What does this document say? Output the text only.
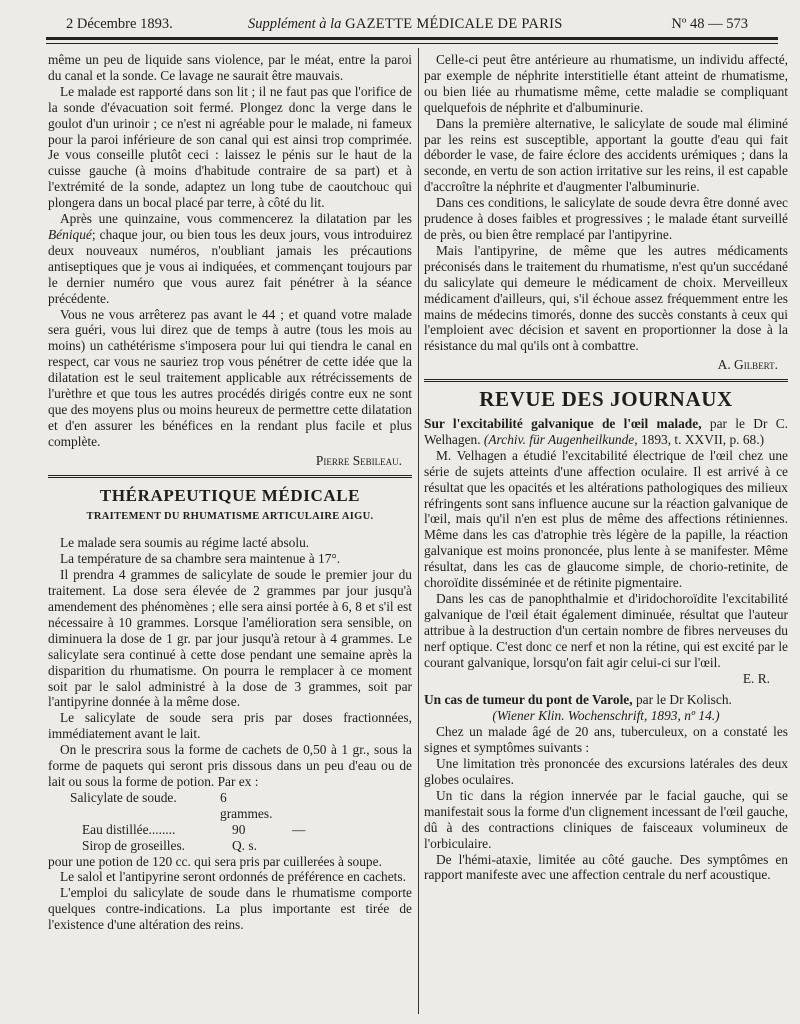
2 Décembre 1893.	Supplément à la GAZETTE MÉDICALE DE PARIS	Nº 48 — 573

même un peu de liquide sans violence, par le méat, entre la paroi du canal et la sonde. Ce lavage ne saurait être mauvais.

Le malade est rapporté dans son lit ; il ne faut pas que l'orifice de la sonde d'évacuation soit fermé. Plongez donc la verge dans le goulot d'un urinoir ; ce n'est ni agréable pour le malade, ni fameux pour la paroi inférieure de son canal qui est ainsi trop comprimée. Je vous conseille plutôt ceci : laissez le pénis sur le haut de la cuisse gauche (à moins d'habitude contraire de sa part) et à l'extrémité de la sonde, adaptez un long tube de caoutchouc qui plongera dans un bocal placé par terre, à côté du lit.

Après une quinzaine, vous commencerez la dilatation par les Béniqué; chaque jour, ou bien tous les deux jours, vous introduirez deux nouveaux numéros, n'oubliant jamais les précautions antiseptiques que je vous ai indiquées, et commençant toujours par le dernier numéro que vous aurez fait pénétrer à la séance précédente.

Vous ne vous arrêterez pas avant le 44 ; et quand votre malade sera guéri, vous lui direz que de temps à autre (tous les mois au moins) un cathétérisme s'imposera pour lui qui tiendra le canal en respect, car vous ne sauriez trop vous pénétrer de cette idée que la dilatation est le seul traitement applicable aux rétrécissements de l'urèthre et que tous les autres procédés dirigés contre eux ne sont que des moyens plus ou moins heureux de permettre cette dilatation et d'en assurer les bénéfices en la rendant plus facile et plus complète.

Pierre Sebileau.
THÉRAPEUTIQUE MÉDICALE
TRAITEMENT DU RHUMATISME ARTICULAIRE AIGU.

Le malade sera soumis au régime lacté absolu.

La température de sa chambre sera maintenue à 17°.

Il prendra 4 grammes de salicylate de soude le premier jour du traitement. La dose sera élevée de 2 grammes par jour jusqu'à amendement des phénomènes ; elle sera ainsi portée à 6, 8 et s'il est nécessaire à 10 grammes. Lorsque l'amélioration sera sensible, on diminuera la dose de 1 gr. par jour jusqu'à retour à 4 grammes. Le salicylate sera continué à cette dose pendant une semaine après la disparition du rhumatisme. On pourra le remplacer à ce moment soit par le salol administré à la dose de 3 grammes, soit par l'antipyrine donnée à la même dose.

Le salicylate de soude sera pris par doses fractionnées, immédiatement avant le lait.

On le prescrira sous la forme de cachets de 0,50 à 1 gr., sous la forme de paquets qui seront pris dissous dans un peu d'eau ou de lait ou sous la forme de potion. Par ex :

Salicylate de soude.	6 grammes.
Eau distillée........	90	—
Sirop de groseilles.	Q. s.

pour une potion de 120 cc. qui sera pris par cuillerées à soupe.

Le salol et l'antipyrine seront ordonnés de préférence en cachets.

L'emploi du salicylate de soude dans le rhumatisme comporte quelques contre-indications. La plus importante est tirée de l'existence d'une altération des reins.

Celle-ci peut être antérieure au rhumatisme, un individu affecté, par exemple de néphrite interstitielle étant atteint de rhumatisme, ou bien liée au rhumatisme même, cette maladie se compliquant quelquefois de néphrite et d'albuminurie.

Dans la première alternative, le salicylate de soude mal éliminé par les reins est susceptible, apportant la goutte d'eau qui fait déborder le vase, de faire éclore des accidents urémiques ; dans la seconde, en vertu de son action irritative sur les reins, il est capable d'accroître la néphrite et d'augmenter l'albuminurie.

Dans ces conditions, le salicylate de soude devra être donné avec prudence à doses faibles et progressives ; le malade étant surveillé de près, ou bien être remplacé par l'antipyrine.

Mais l'antipyrine, de même que les autres médicaments préconisés dans le traitement du rhumatisme, n'est qu'un succédané du salicylate qui demeure le médicament de choix. Merveilleux médicament d'ailleurs, qui, s'il échoue assez fréquemment entre les mains de médecins timorés, donne des succès constants à ceux qui l'emploient avec décision et savent en proportionner la dose à la résistance du mal qu'ils ont à combattre.

A. Gilbert.
REVUE DES JOURNAUX

Sur l'excitabilité galvanique de l'œil malade, par le Dr C. Welhagen. (Archiv. für Augenheilkunde, 1893, t. XXVII, p. 68.)

M. Velhagen a étudié l'excitabilité électrique de l'œil chez une série de sujets atteints d'une affection oculaire. Il est arrivé à ce résultat que les opacités et les altérations pathologiques des milieux réfringents sont sans influence aucune sur la réaction galvanique de l'œil, mais qu'il n'en est plus de même des affections rétiniennes. Même dans les cas d'atrophie très légère de la papille, la réaction galvanique est moins prononcée, plus lente à se manifester. Même résultat, dans les cas de glaucome simple, de chorio-retinite, de choroïdite disséminée et de rétinite pigmentaire.

Dans les cas de panophthalmie et d'iridochoroïdite l'excitabilité galvanique de l'œil était également diminuée, résultat que l'auteur attribue à la destruction d'un certain nombre de fibres nerveuses du nerf optique. C'est donc ce nerf et non la rétine, qui est excité par le courant galvanique, lorsqu'on fait agir celui-ci sur l'œil.

E. R.

Un cas de tumeur du pont de Varole, par le Dr Kolisch.

(Wiener Klin. Wochenschrift, 1893, nº 14.)

Chez un malade âgé de 20 ans, tuberculeux, on a constaté les signes et symptômes suivants :

Une limitation très prononcée des excursions latérales des deux globes oculaires.

Un tic dans la région innervée par le facial gauche, qui se manifestait sous la forme d'un clignement incessant de l'œil gauche, dû à des contractions cliniques de faisceaux volumineux de l'orbiculaire.

De l'hémi-ataxie, limitée au côté gauche. Des symptômes en rapport manifeste avec une affection centrale du nerf acoustique.
